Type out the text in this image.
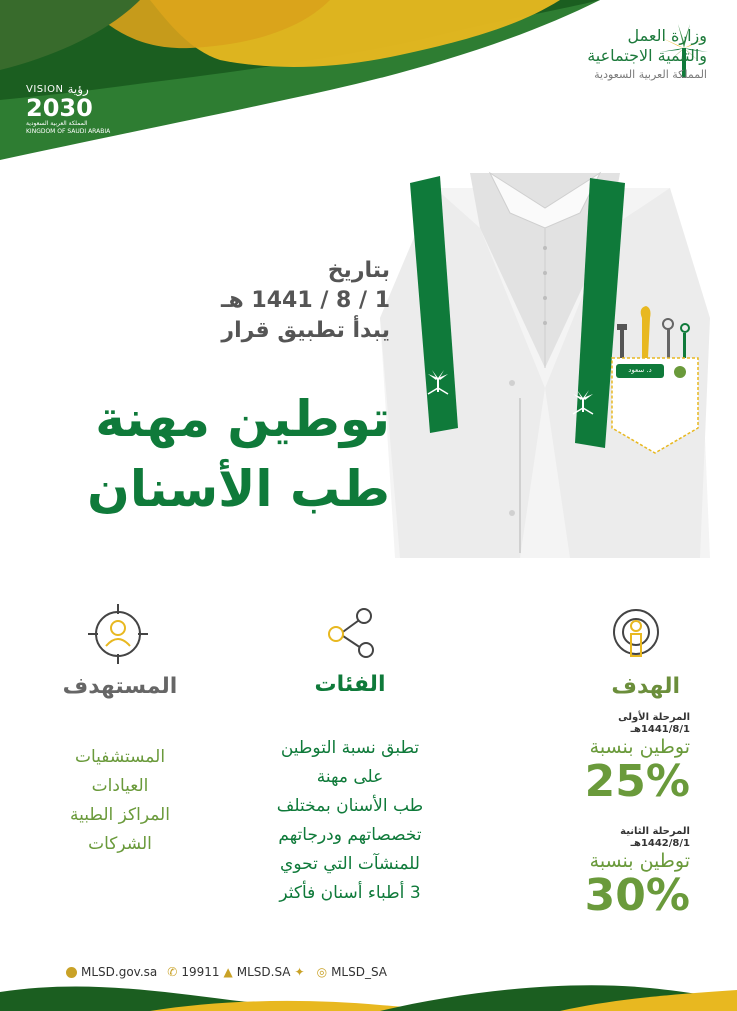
VISION رؤية
2030
المملكة العربية السعودية
KINGDOM OF SAUDI ARABIA
وزارة العمل
والتنمية الاجتماعية
المملكة العربية السعودية
د. سعود
بتاريخ
1 / 8 / 1441 هـ
يبدأ تطبيق قرار
توطين مهنة
طب الأسنان
المستهدف
المستشفيات
العيادات
المراكز الطبية
الشركات
الفئات
تطبق نسبة التوطين
على مهنة
طب الأسنان بمختلف
تخصصاتهم ودرجاتهم
للمنشآت التي تحوي
3 أطباء أسنان فأكثر
الهدف
المرحلة الأولى
1441/8/1هـ
توطين بنسبة
25%
المرحلة الثانية
1442/8/1هـ
توطين بنسبة
30%
MLSD.gov.sa ✆ 19911 ▲ MLSD.SA ✦ ◎ MLSD_SA
